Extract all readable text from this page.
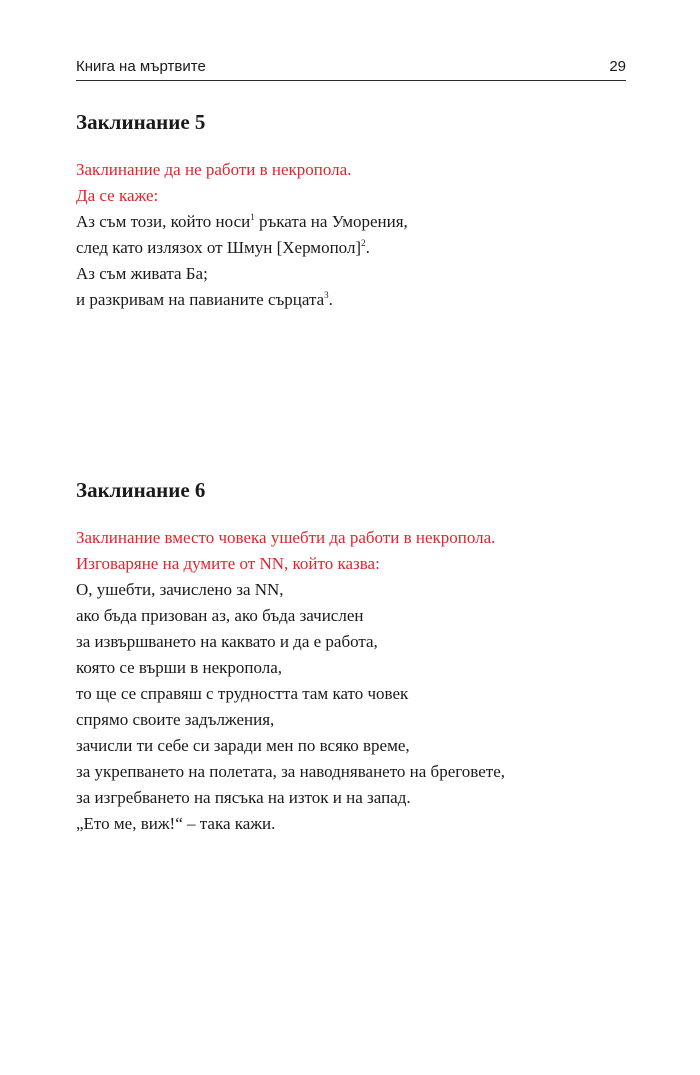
Книга на мъртвите	29
Заклинание 5
Заклинание да не работи в некропола.
Да се каже:
Аз съм този, който носи$^1$ ръката на Уморения,
след като излязох от Шмун [Хермопол]$^2$.
Аз съм живата Ба;
и разкривам на павианите сърцата$^3$.
Заклинание 6
Заклинание вместо човека ушебти да работи в некропола.
Изговаряне на думите от NN, който казва:
О, ушебти, зачислено за NN,
ако бъда призован аз, ако бъда зачислен
за извършването на каквато и да е работа,
която се върши в некропола,
то ще се справяш с трудността там като човек
спрямо своите задължения,
зачисли ти себе си заради мен по всяко време,
за укрепването на полетата, за наводняването на бреговете,
за изгребването на пясъка на изток и на запад.
„Ето ме, виж!“ – така кажи.
